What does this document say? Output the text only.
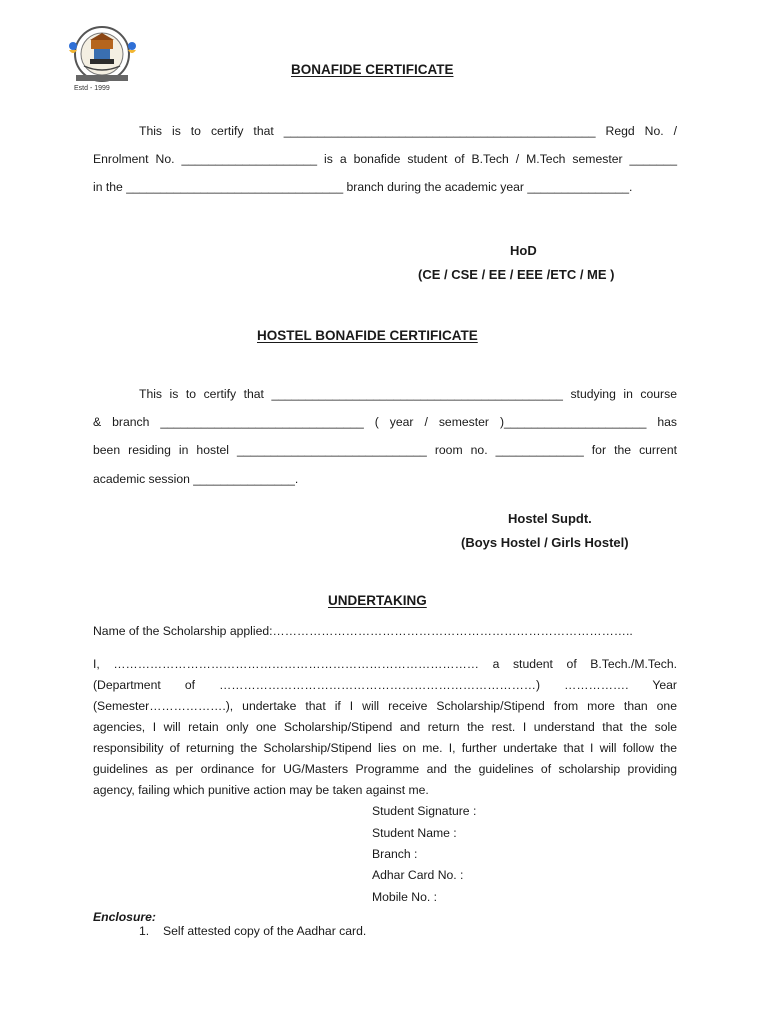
Estd - 1999
BONAFIDE CERTIFICATE
This is to certify that ______________________________________________ Regd No. /
Enrolment No. ____________________ is a bonafide student of B.Tech / M.Tech semester _______
in the ________________________________ branch during the academic year _______________.
HoD
(CE / CSE / EE / EEE /ETC / ME )
HOSTEL BONAFIDE CERTIFICATE
This is to certify that ___________________________________________ studying in course
& branch ______________________________ ( year / semester )_____________________ has
been residing in hostel ____________________________ room no. _____________ for the current
academic session _______________.
Hostel Supdt.
(Boys Hostel / Girls Hostel)
UNDERTAKING
Name of the Scholarship applied:……………………………………………………………………………..
I, ……………………………………………………………………………… a student of B.Tech./M.Tech.
(Department of ……………………………………………………………………) ……………. Year
(Semester……………….), undertake that if I will receive Scholarship/Stipend from more than one
agencies, I will retain only one Scholarship/Stipend and return the rest. I understand that the sole
responsibility of returning the Scholarship/Stipend lies on me. I, further undertake that I will follow the
guidelines as per ordinance for UG/Masters Programme and the guidelines of scholarship providing
agency, failing which punitive action may be taken against me.
Student Signature :
Student Name :
Branch :
Adhar Card No. :
Mobile No. :
Enclosure:
1. Self attested copy of the Aadhar card.
